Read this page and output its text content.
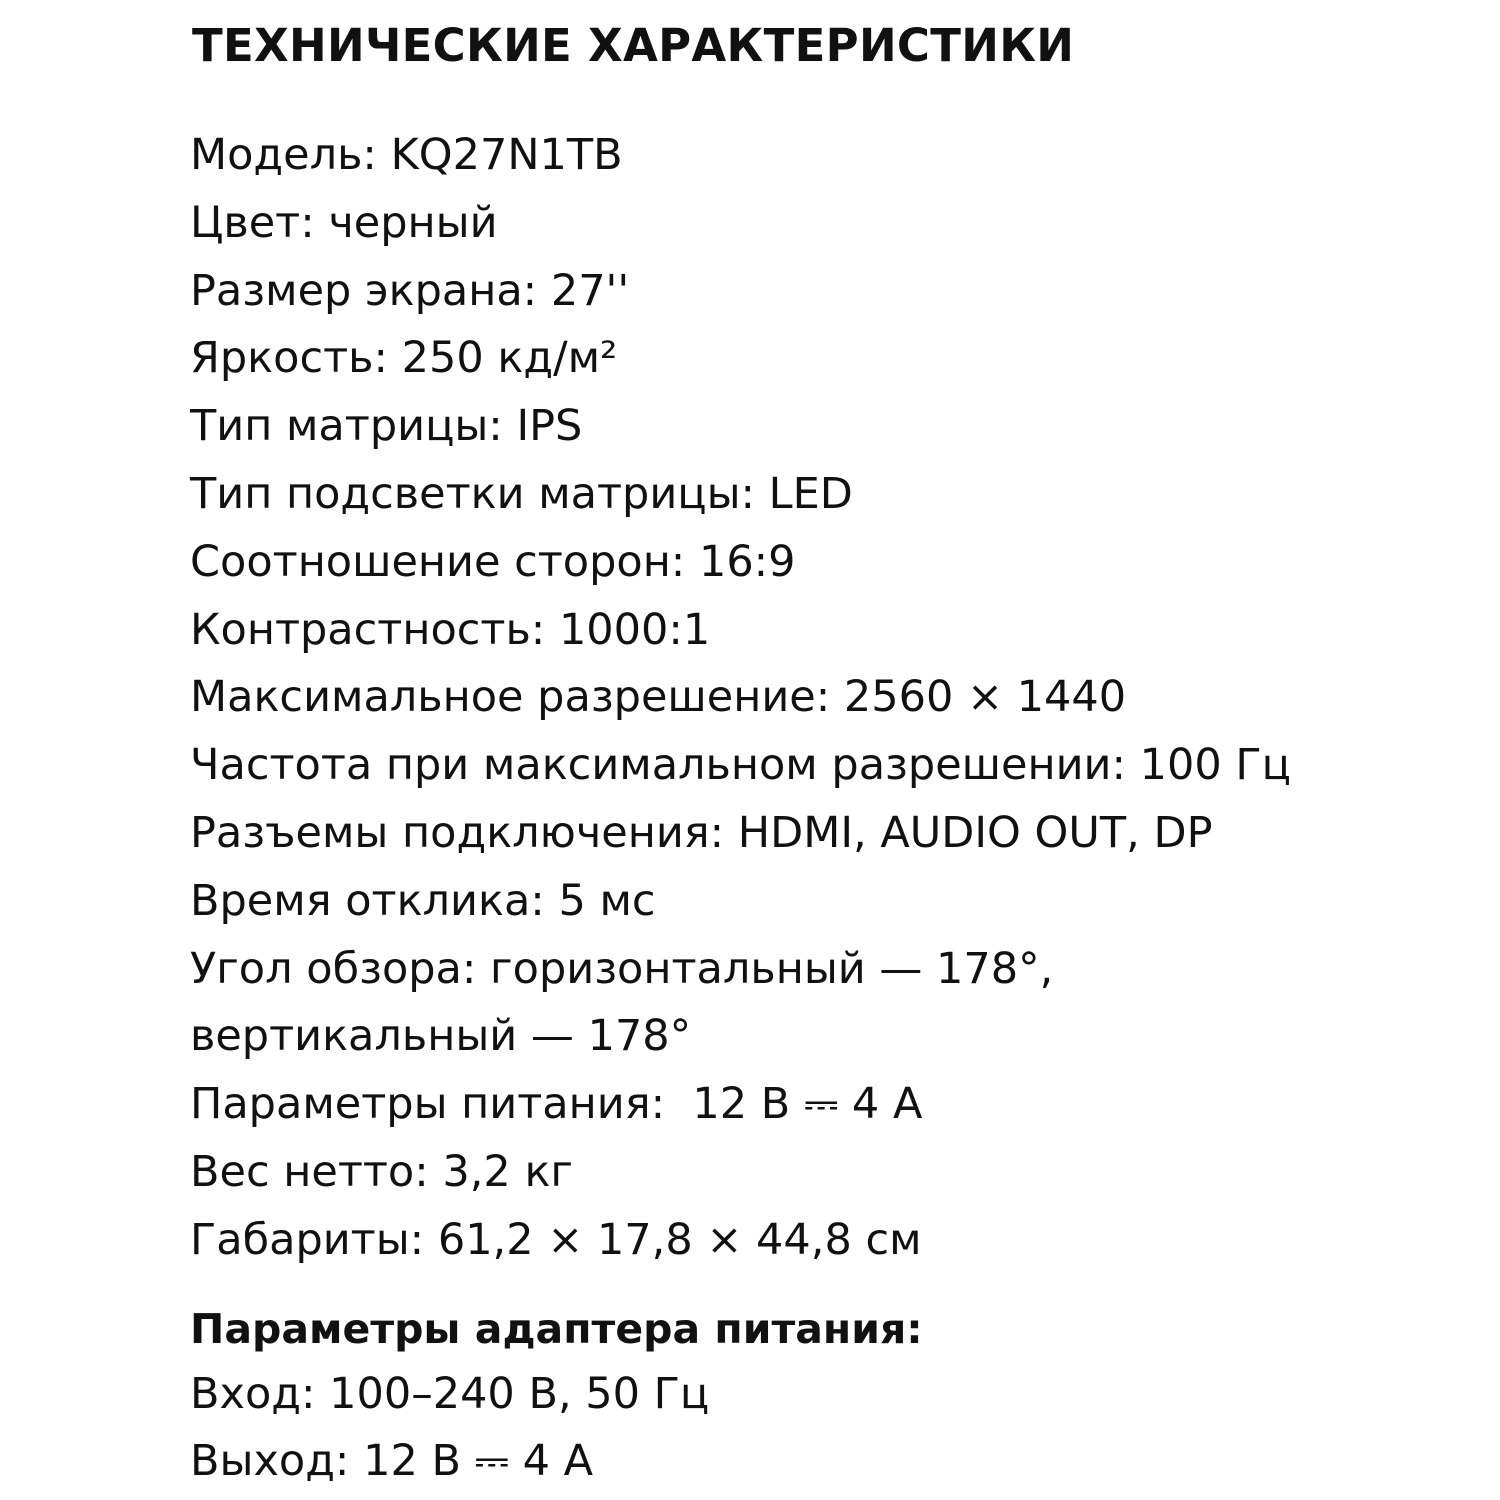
ТЕХНИЧЕСКИЕ ХАРАКТЕРИСТИКИ
Модель: KQ27N1TB
Цвет: черный
Размер экрана: 27''
Яркость: 250 кд/м²
Тип матрицы: IPS
Тип подсветки матрицы: LED
Соотношение сторон: 16:9
Контрастность: 1000:1
Максимальное разрешение: 2560 × 1440
Частота при максимальном разрешении: 100 Гц
Разъемы подключения: HDMI, AUDIO OUT, DP
Время отклика: 5 мс
Угол обзора: горизонтальный — 178°, вертикальный — 178°
Параметры питания:  12 В ⎓ 4 А
Вес нетто: 3,2 кг
Габариты: 61,2 × 17,8 × 44,8 см
Параметры адаптера питания:
Вход: 100–240 В, 50 Гц
Выход: 12 В ⎓ 4 А
